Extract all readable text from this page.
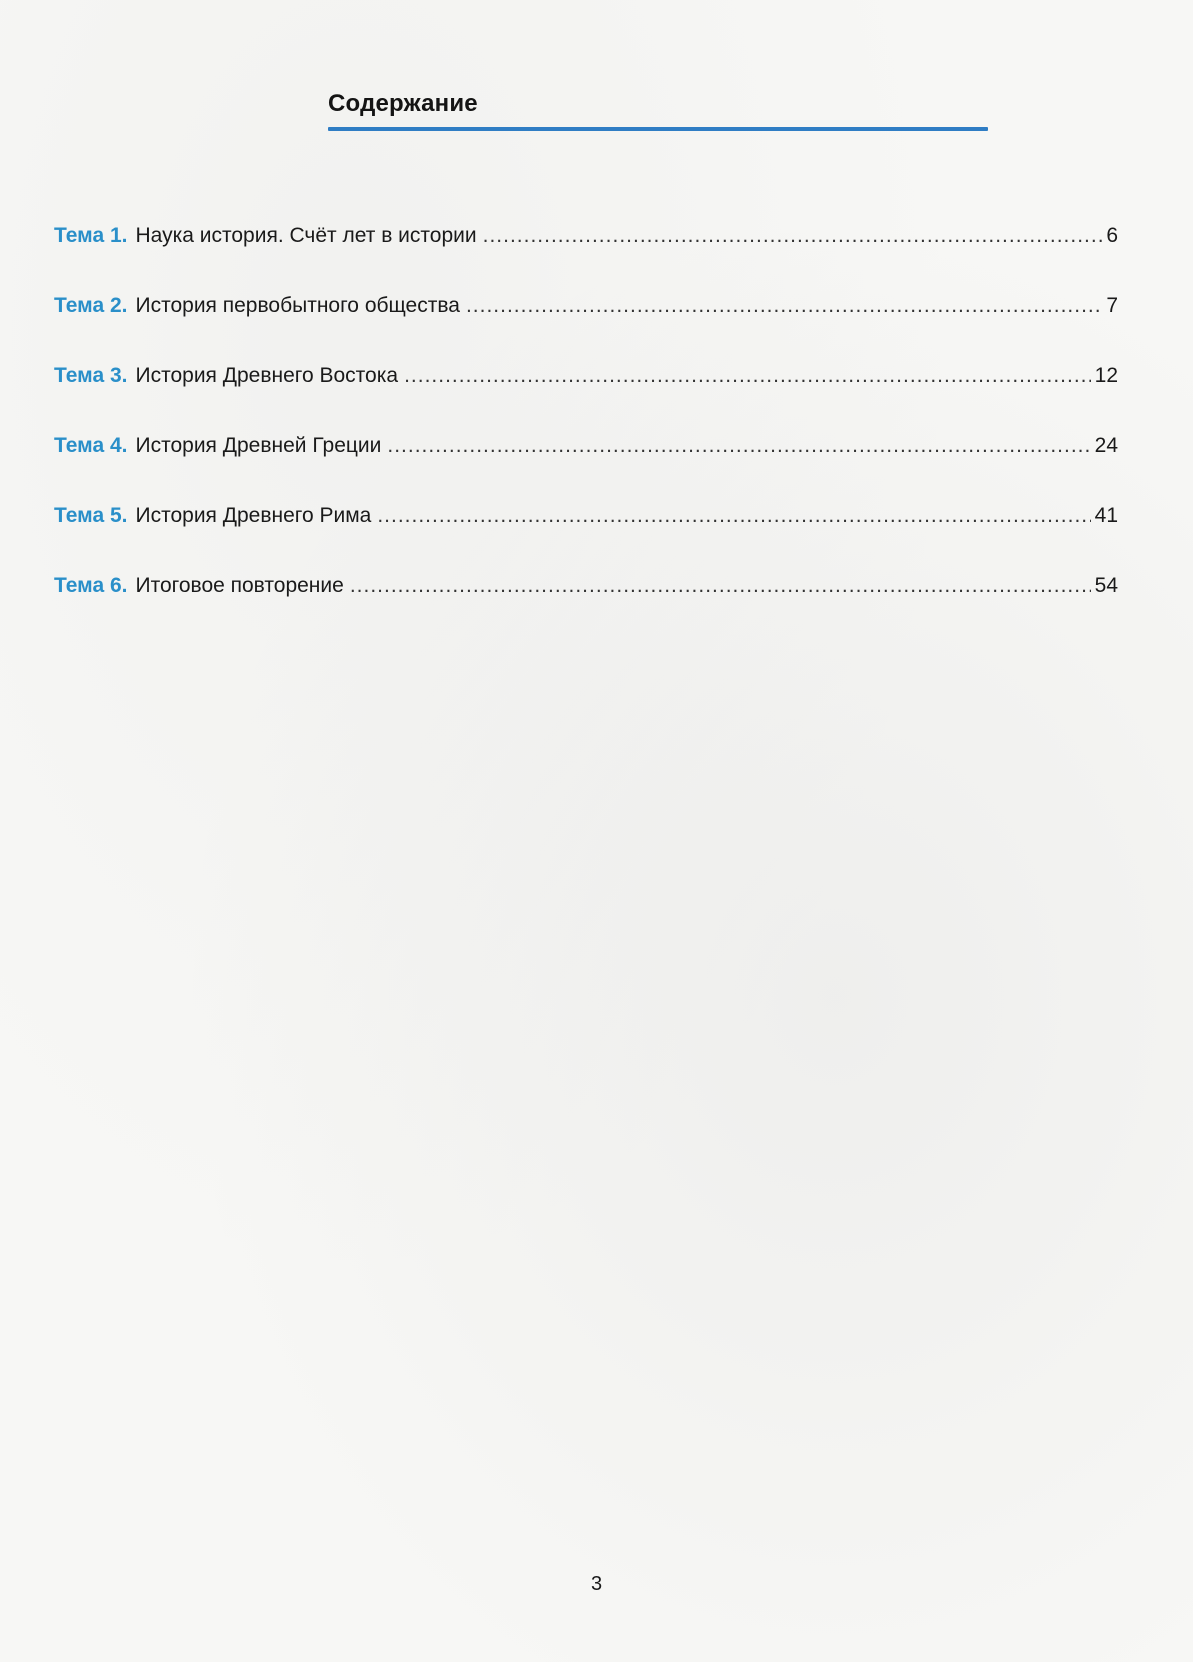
Содержание
Тема 1. Наука история. Счёт лет в истории .....	6
Тема 2. История первобытного общества .....	7
Тема 3. История Древнего Востока .....	12
Тема 4. История Древней Греции .....	24
Тема 5. История Древнего Рима .....	41
Тема 6. Итоговое повторение .....	54
3
